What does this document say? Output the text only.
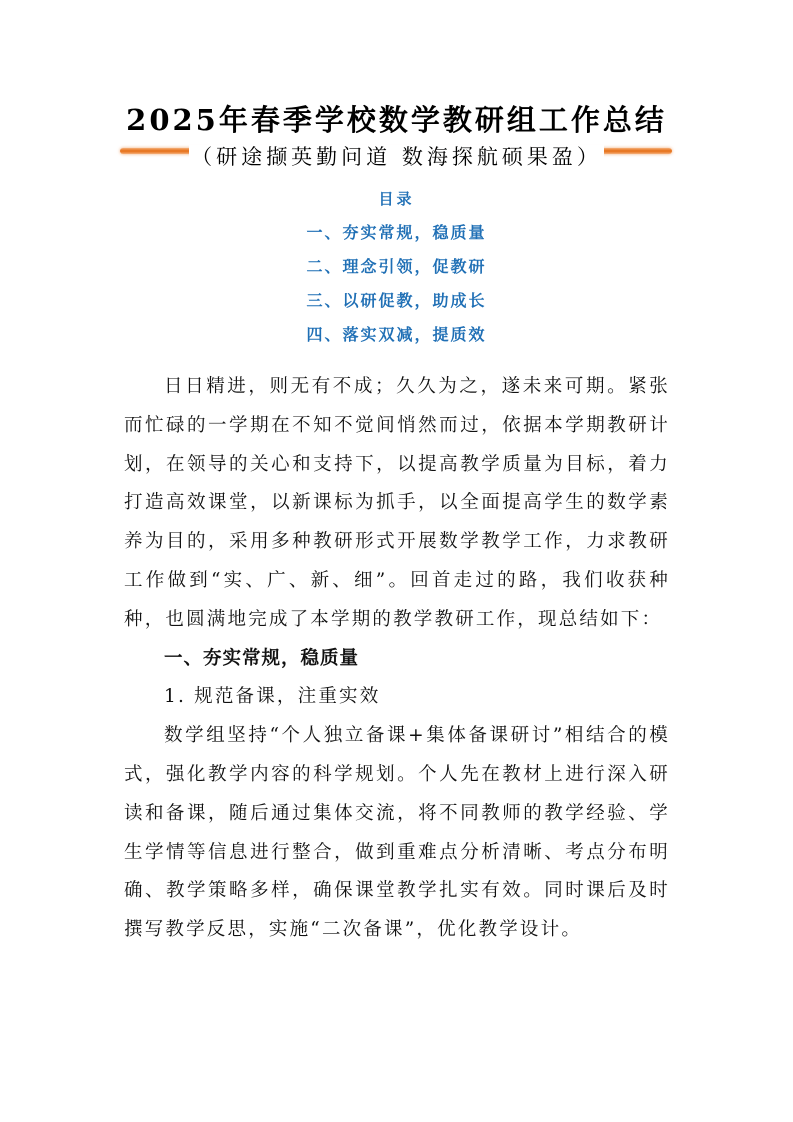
2025年春季学校数学教研组工作总结
（研途撷英勤问道 数海探航硕果盈）
目录
一、夯实常规，稳质量
二、理念引领，促教研
三、以研促教，助成长
四、落实双减，提质效

日日精进，则无有不成；久久为之，遂未来可期。紧张而忙碌的一学期在不知不觉间悄然而过，依据本学期教研计划，在领导的关心和支持下，以提高教学质量为目标，着力打造高效课堂，以新课标为抓手，以全面提高学生的数学素养为目的，采用多种教研形式开展数学教学工作，力求教研工作做到“实、广、新、细”。回首走过的路，我们收获种种，也圆满地完成了本学期的教学教研工作，现总结如下：

一、夯实常规，稳质量

1. 规范备课，注重实效

数学组坚持“个人独立备课+集体备课研讨”相结合的模式，强化教学内容的科学规划。个人先在教材上进行深入研读和备课，随后通过集体交流，将不同教师的教学经验、学生学情等信息进行整合，做到重难点分析清晰、考点分布明确、教学策略多样，确保课堂教学扎实有效。同时课后及时撰写教学反思，实施“二次备课”，优化教学设计。
